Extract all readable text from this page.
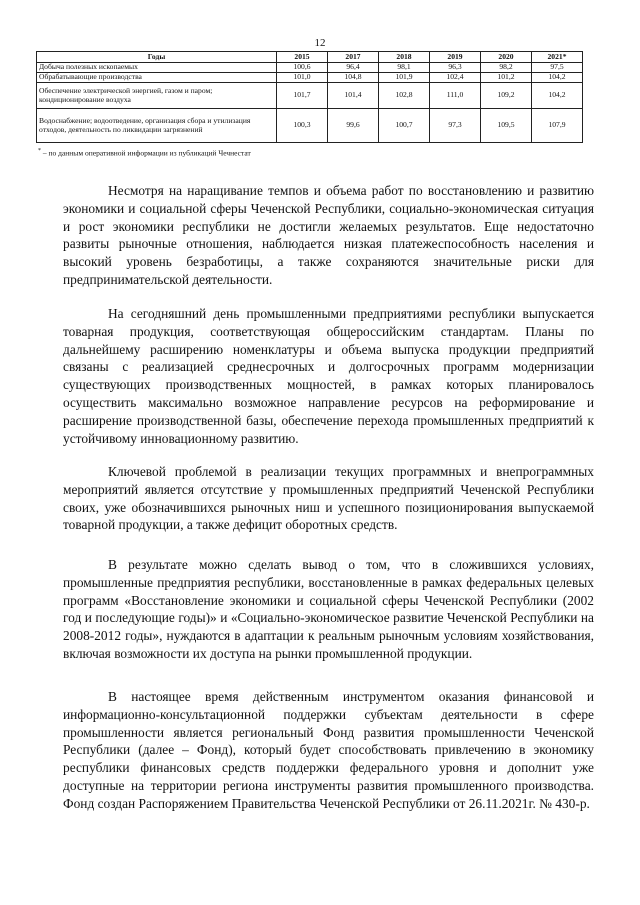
12
Годы	2015	2017	2018	2019	2020	2021*
Добыча полезных ископаемых	100,6	96,4	98,1	96,3	98,2	97,5
Обрабатывающие производства	101,0	104,8	101,9	102,4	101,2	104,2
Обеспечение электрической энергией, газом и паром; кондиционирование воздуха	101,7	101,4	102,8	111,0	109,2	104,2
Водоснабжение; водоотведение, организация сбора и утилизация отходов, деятельность по ликвидации загрязнений	100,3	99,6	100,7	97,3	109,5	107,9
* – по данным оперативной информации из публикаций Чечнестат

Несмотря на наращивание темпов и объема работ по восстановлению и развитию экономики и социальной сферы Чеченской Республики, социально-экономическая ситуация и рост экономики республики не достигли желаемых результатов. Еще недостаточно развиты рыночные отношения, наблюдается низкая платежеспособность населения и высокий уровень безработицы, а также сохраняются значительные риски для предпринимательской деятельности.

На сегодняшний день промышленными предприятиями республики выпускается товарная продукция, соответствующая общероссийским стандартам. Планы по дальнейшему расширению номенклатуры и объема выпуска продукции предприятий связаны с реализацией среднесрочных и долгосрочных программ модернизации существующих производственных мощностей, в рамках которых планировалось осуществить максимально возможное направление ресурсов на реформирование и расширение производственной базы, обеспечение перехода промышленных предприятий к устойчивому инновационному развитию.

Ключевой проблемой в реализации текущих программных и внепрограммных мероприятий является отсутствие у промышленных предприятий Чеченской Республики своих, уже обозначившихся рыночных ниш и успешного позиционирования выпускаемой товарной продукции, а также дефицит оборотных средств.

В результате можно сделать вывод о том, что в сложившихся условиях, промышленные предприятия республики, восстановленные в рамках федеральных целевых программ «Восстановление экономики и социальной сферы Чеченской Республики (2002 год и последующие годы)» и «Социально-экономическое развитие Чеченской Республики на 2008-2012 годы», нуждаются в адаптации к реальным рыночным условиям хозяйствования, включая возможности их доступа на рынки промышленной продукции.

В настоящее время действенным инструментом оказания финансовой и информационно-консультационной поддержки субъектам деятельности в сфере промышленности является региональный Фонд развития промышленности Чеченской Республики (далее – Фонд), который будет способствовать привлечению в экономику республики финансовых средств поддержки федерального уровня и дополнит уже доступные на территории региона инструменты развития промышленного производства. Фонд создан Распоряжением Правительства Чеченской Республики от 26.11.2021г. № 430-р.
